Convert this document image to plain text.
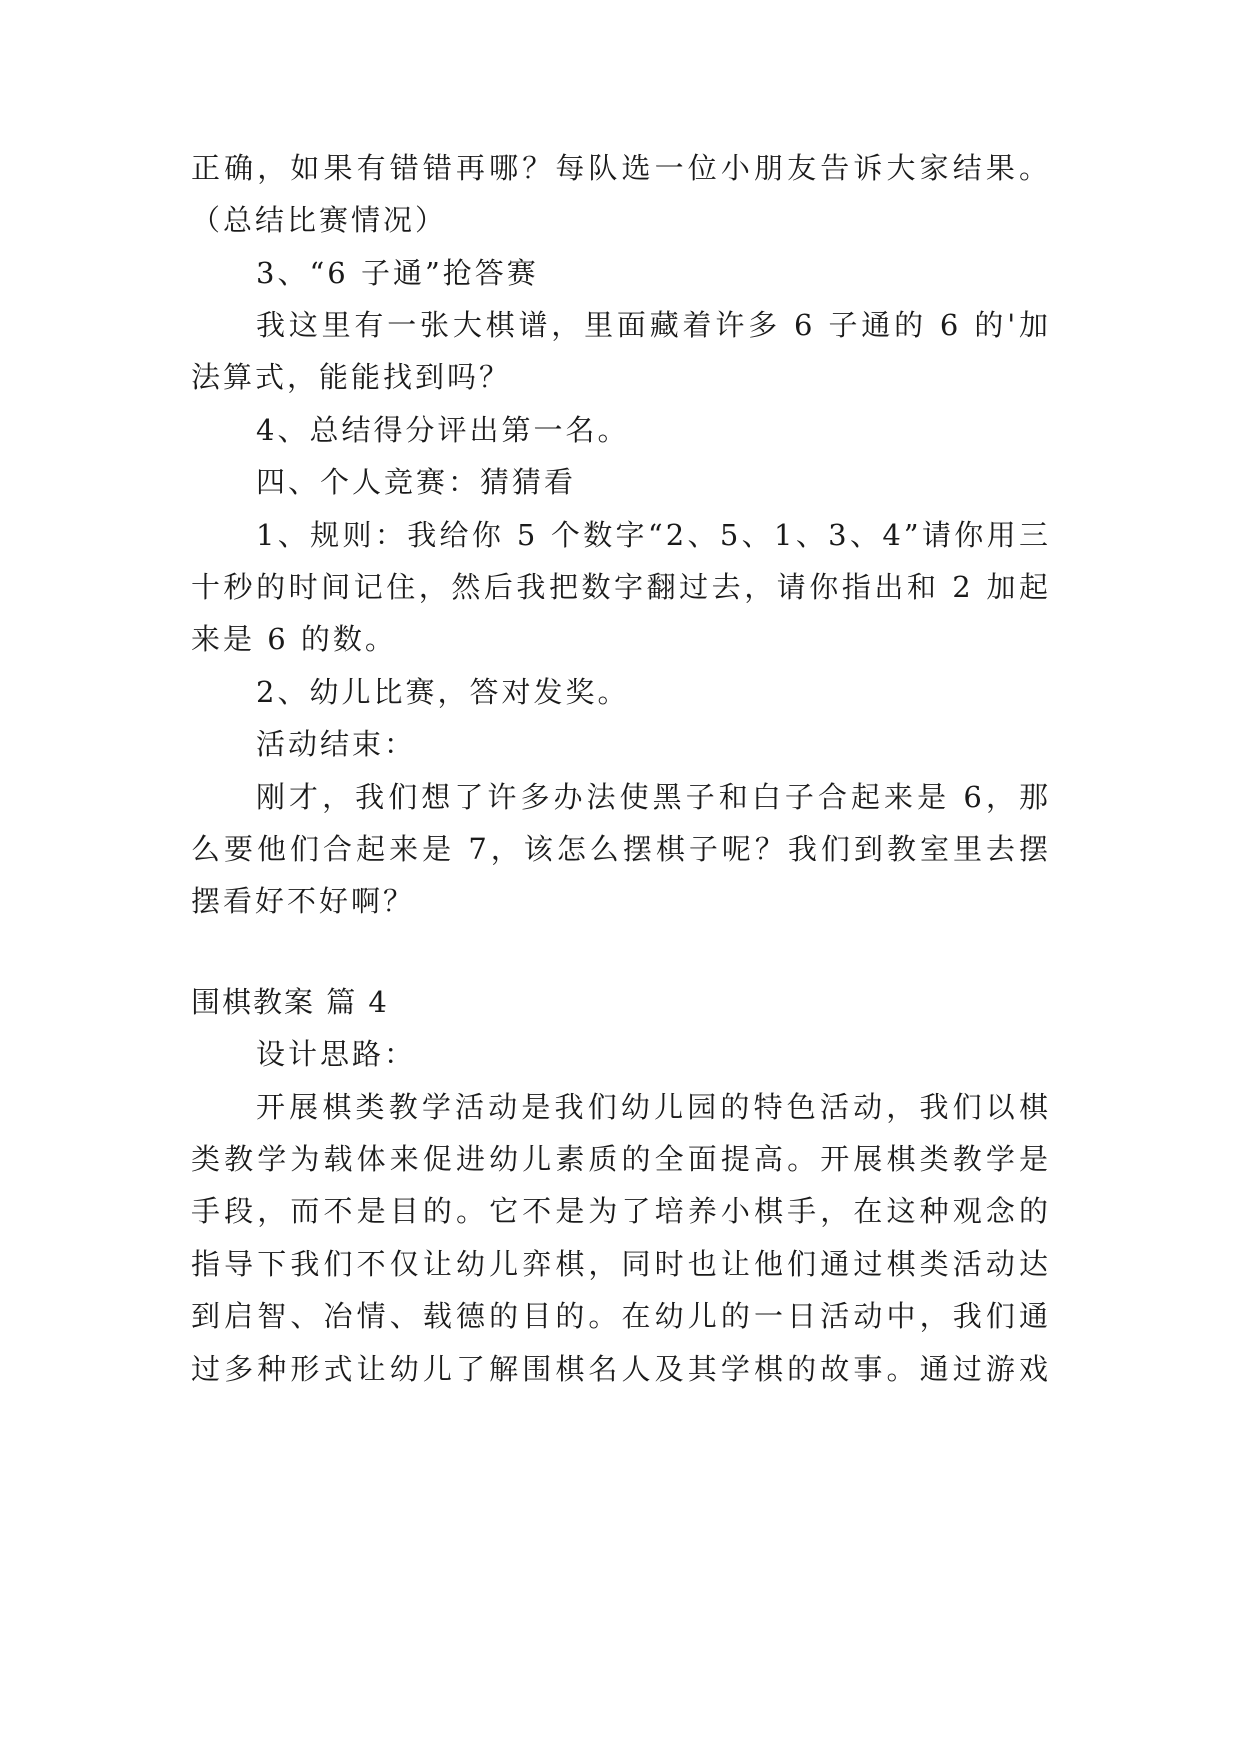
正确，如果有错错再哪？每队选一位小朋友告诉大家结果。
（总结比赛情况）
3、“6 子通”抢答赛
我这里有一张大棋谱，里面藏着许多 6 子通的 6 的'加
法算式，能能找到吗？
4、总结得分评出第一名。
四、个人竞赛：猜猜看
1、规则：我给你 5 个数字“2、5、1、3、4”请你用三
十秒的时间记住，然后我把数字翻过去，请你指出和 2 加起
来是 6 的数。
2、幼儿比赛，答对发奖。
活动结束：
刚才，我们想了许多办法使黑子和白子合起来是 6，那
么要他们合起来是 7，该怎么摆棋子呢？我们到教室里去摆
摆看好不好啊？
围棋教案 篇 4
设计思路：
开展棋类教学活动是我们幼儿园的特色活动，我们以棋
类教学为载体来促进幼儿素质的全面提高。开展棋类教学是
手段，而不是目的。它不是为了培养小棋手，在这种观念的
指导下我们不仅让幼儿弈棋，同时也让他们通过棋类活动达
到启智、冶情、载德的目的。在幼儿的一日活动中，我们通
过多种形式让幼儿了解围棋名人及其学棋的故事。通过游戏
